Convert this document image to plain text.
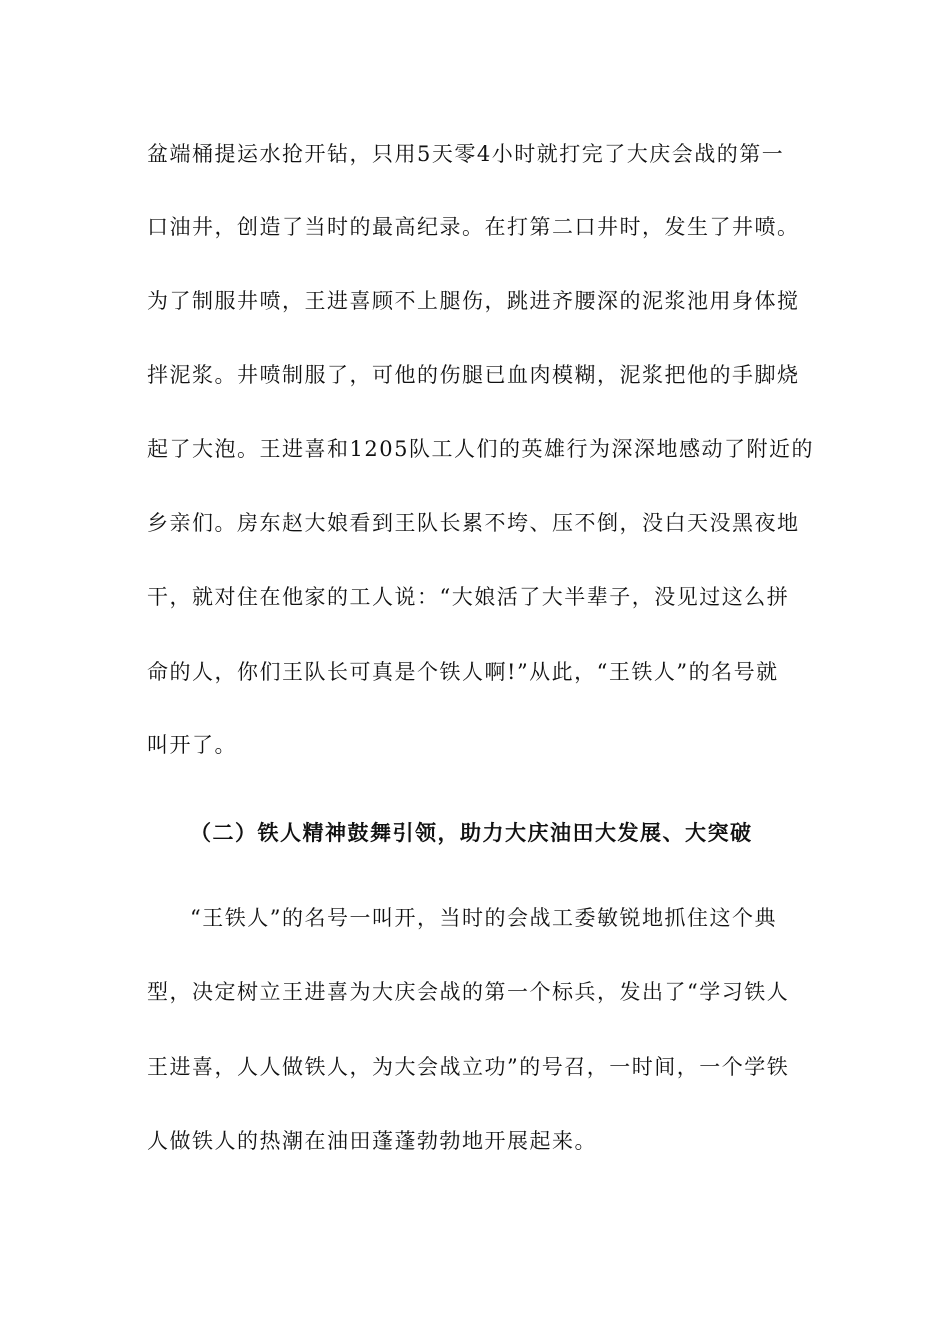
盆端桶提运水抢开钻，只用5天零4小时就打完了大庆会战的第一
口油井，创造了当时的最高纪录。在打第二口井时，发生了井喷。
为了制服井喷，王进喜顾不上腿伤，跳进齐腰深的泥浆池用身体搅
拌泥浆。井喷制服了，可他的伤腿已血肉模糊，泥浆把他的手脚烧
起了大泡。王进喜和1205队工人们的英雄行为深深地感动了附近的
乡亲们。房东赵大娘看到王队长累不垮、压不倒，没白天没黑夜地
干，就对住在他家的工人说：“大娘活了大半辈子，没见过这么拼
命的人，你们王队长可真是个铁人啊!”从此，“王铁人”的名号就
叫开了。
（二）铁人精神鼓舞引领，助力大庆油田大发展、大突破
“王铁人”的名号一叫开，当时的会战工委敏锐地抓住这个典
型，决定树立王进喜为大庆会战的第一个标兵，发出了“学习铁人
王进喜，人人做铁人，为大会战立功”的号召，一时间，一个学铁
人做铁人的热潮在油田蓬蓬勃勃地开展起来。
